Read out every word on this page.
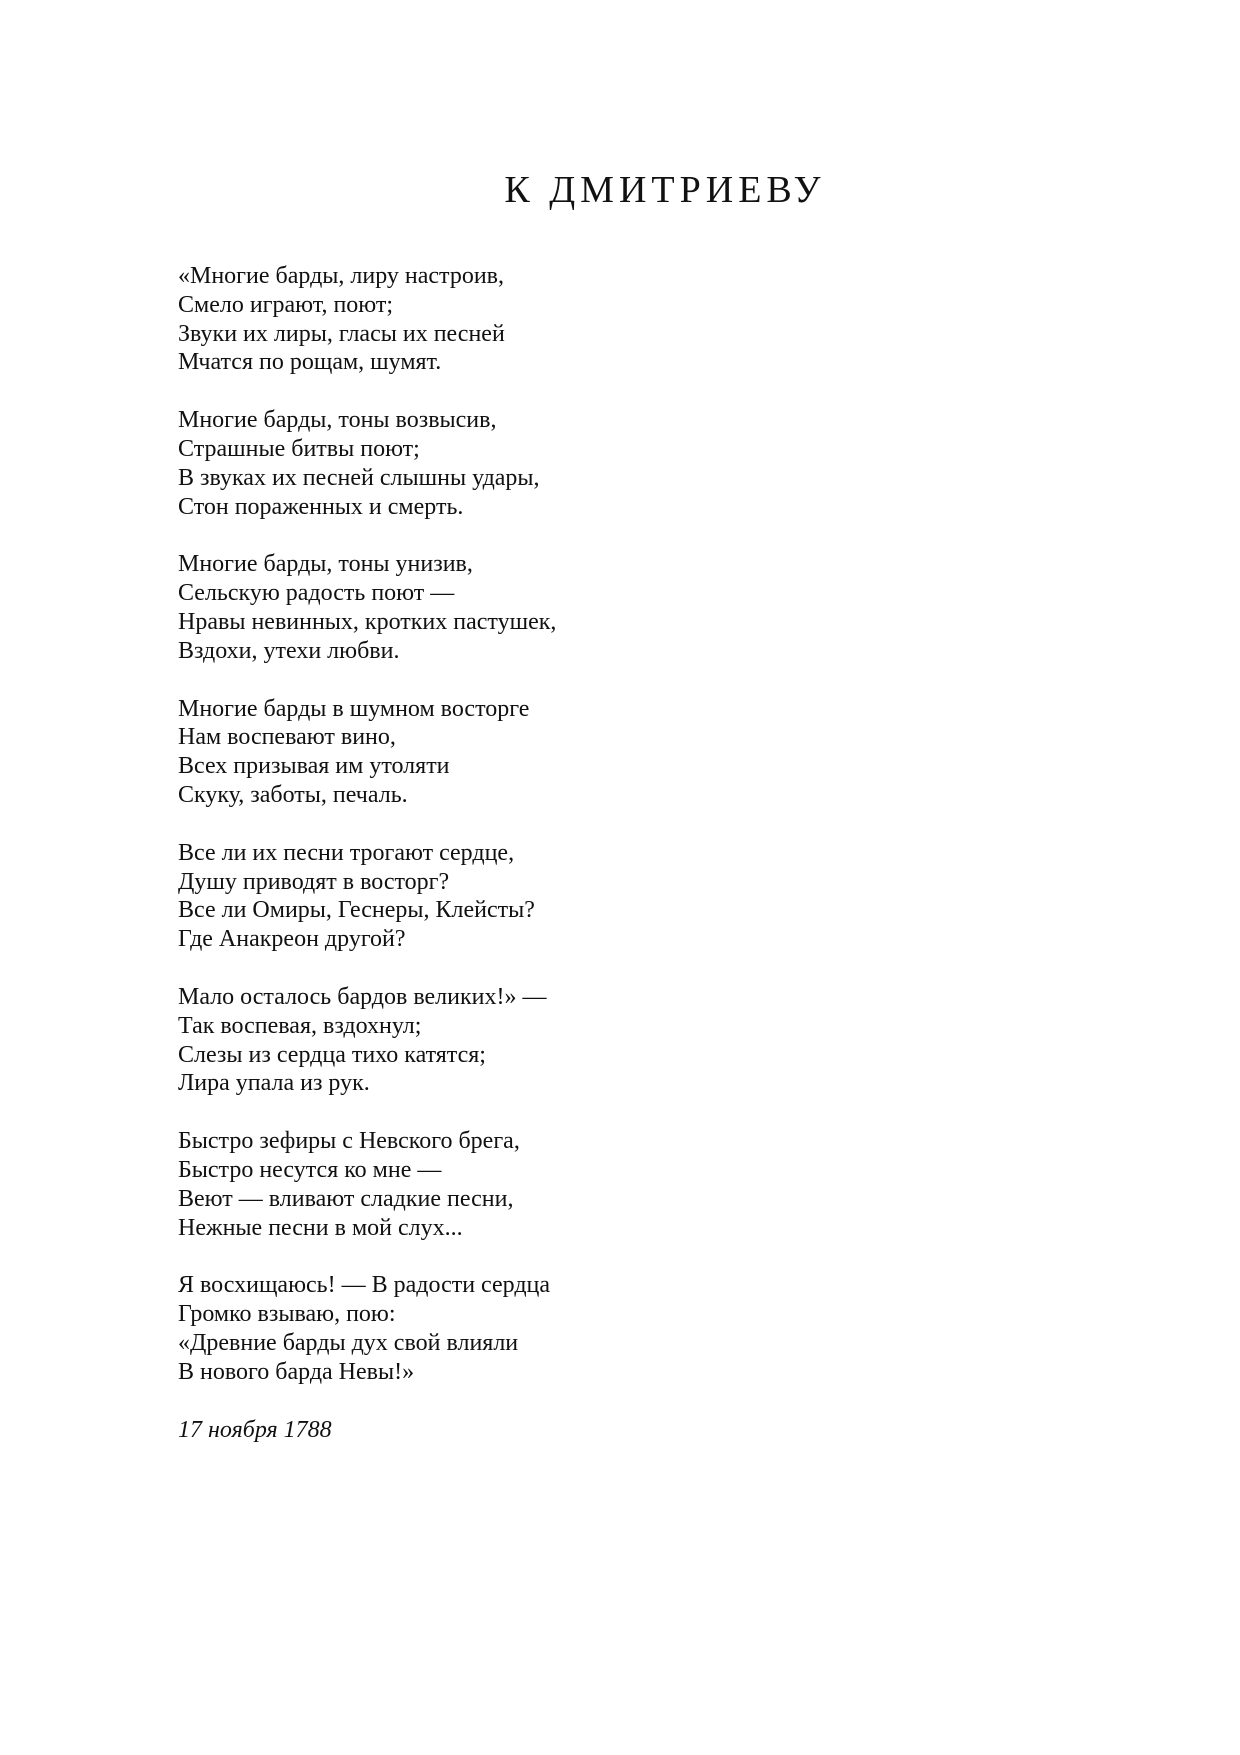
К ДМИТРИЕВУ
«Многие барды, лиру настроив,
Смело играют, поют;
Звуки их лиры, гласы их песней
Мчатся по рощам, шумят.
Многие барды, тоны возвысив,
Страшные битвы поют;
В звуках их песней слышны удары,
Стон пораженных и смерть.
Многие барды, тоны унизив,
Сельскую радость поют —
Нравы невинных, кротких пастушек,
Вздохи, утехи любви.
Многие барды в шумном восторге
Нам воспевают вино,
Всех призывая им утоляти
Скуку, заботы, печаль.
Все ли их песни трогают сердце,
Душу приводят в восторг?
Все ли Омиры, Геснеры, Клейсты?
Где Анакреон другой?
Мало осталось бардов великих!» —
Так воспевая, вздохнул;
Слезы из сердца тихо катятся;
Лира упала из рук.
Быстро зефиры с Невского брега,
Быстро несутся ко мне —
Веют — вливают сладкие песни,
Нежные песни в мой слух...
Я восхищаюсь! — В радости сердца
Громко взываю, пою:
«Древние барды дух свой влияли
В нового барда Невы!»
17 ноября 1788
